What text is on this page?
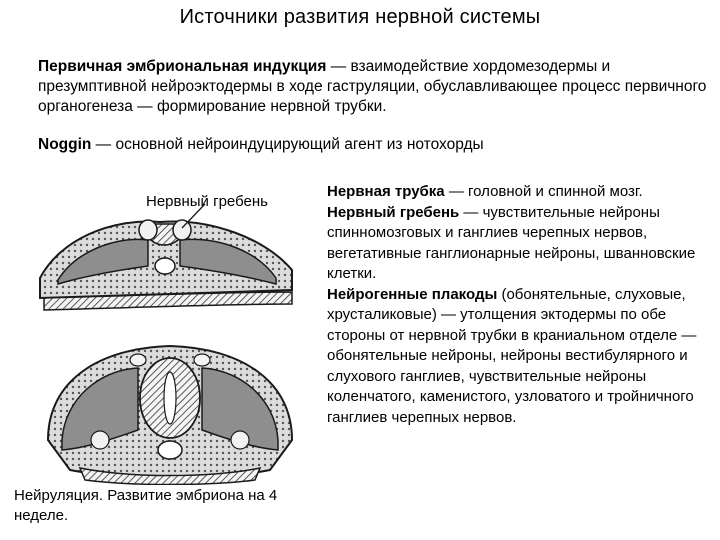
Источники развития нервной системы
Первичная эмбриональная индукция — взаимодействие хордомезодермы и презумптивной нейроэктодермы в ходе гаструляции, обуславливающее процесс первичного органогенеза — формирование нервной трубки.
Noggin — основной нейроиндуцирующий агент из нотохорды
Нервный гребень
Нейруляция. Развитие эмбриона на 4 неделе.

Нервная трубка — головной и спинной мозг.

Нервный гребень — чувствительные нейроны спинномозговых и ганглиев черепных нервов, вегетативные ганглионарные нейроны, шванновские клетки.

Нейрогенные плакоды (обонятельные, слуховые, хрусталиковые) — утолщения эктодермы по обе стороны от нервной трубки в краниальном отделе — обонятельные нейроны, нейроны вестибулярного и слухового ганглиев, чувствительные нейроны коленчатого, каменистого, узловатого и тройничного ганглиев черепных нервов.
